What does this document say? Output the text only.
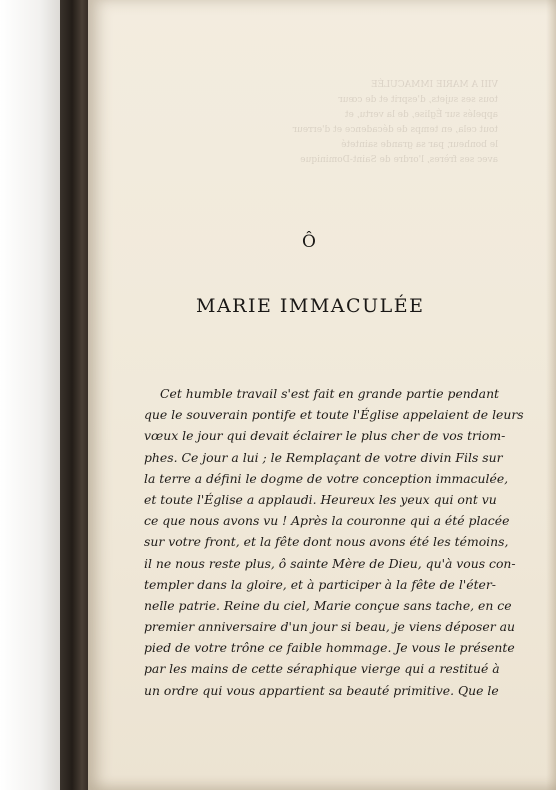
VIII A MARIE IMMACULÉE
tous ses sujets, d'esprit et de cœur
appelés sur Église, de la vertu, et
tout cela, en temps de décadence et d'erreur
le bonheur, par sa grande sainteté
avec ses frères, l'ordre de Saint-Dominique
Ô
MARIE IMMACULÉE
Cet humble travail s'est fait en grande partie pendant
que le souverain pontife et toute l'Église appelaient de leurs
vœux le jour qui devait éclairer le plus cher de vos triom-
phes. Ce jour a lui ; le Remplaçant de votre divin Fils sur
la terre a défini le dogme de votre conception immaculée,
et toute l'Église a applaudi. Heureux les yeux qui ont vu
ce que nous avons vu ! Après la couronne qui a été placée
sur votre front, et la fête dont nous avons été les témoins,
il ne nous reste plus, ô sainte Mère de Dieu, qu'à vous con-
templer dans la gloire, et à participer à la fête de l'éter-
nelle patrie. Reine du ciel, Marie conçue sans tache, en ce
premier anniversaire d'un jour si beau, je viens déposer au
pied de votre trône ce faible hommage. Je vous le présente
par les mains de cette séraphique vierge qui a restitué à
un ordre qui vous appartient sa beauté primitive. Que le
